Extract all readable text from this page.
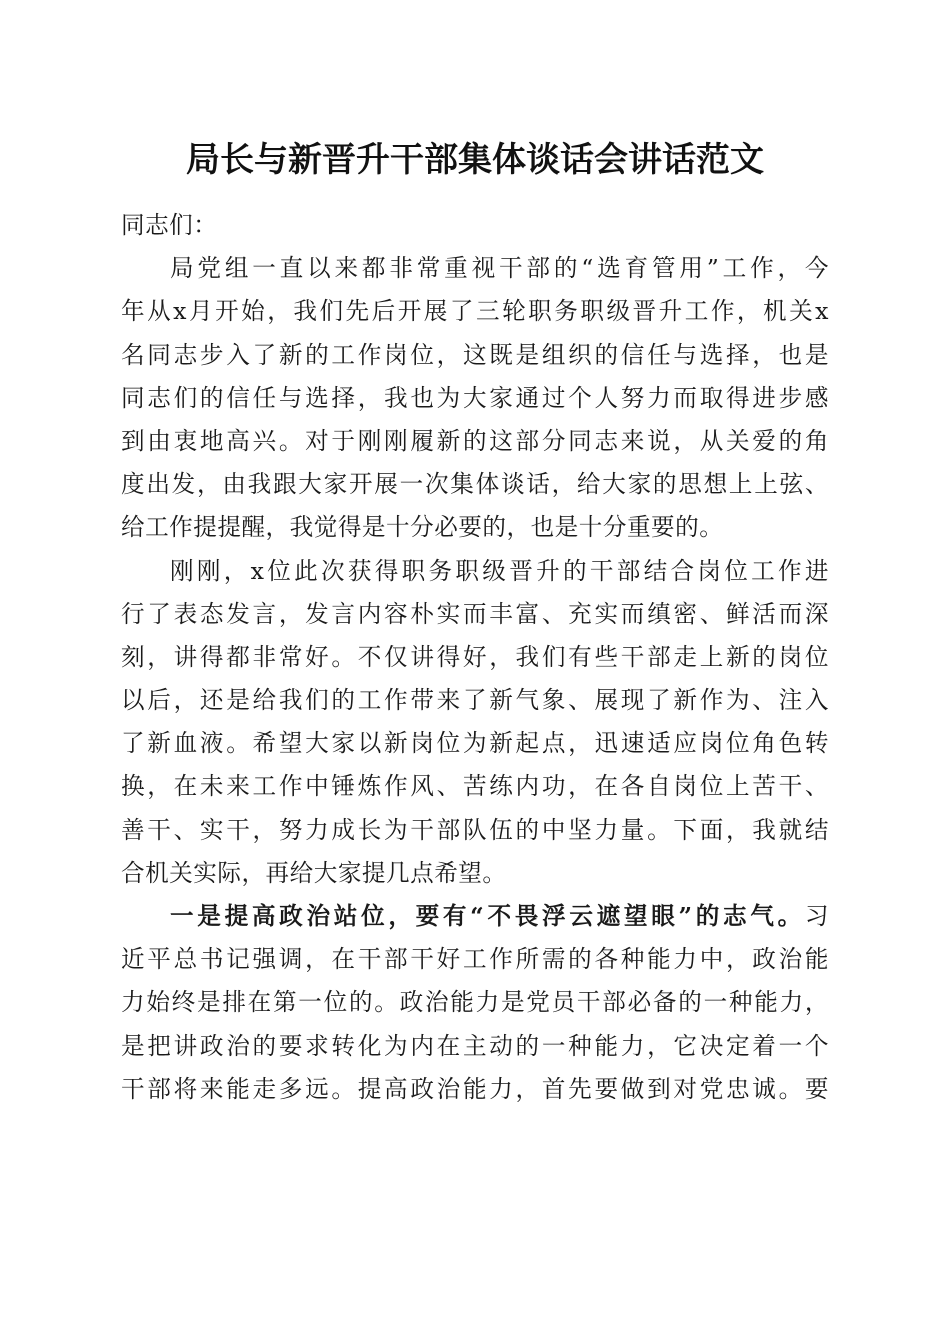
局长与新晋升干部集体谈话会讲话范文
同志们：
局党组一直以来都非常重视干部的“选育管用”工作，今
年从x月开始，我们先后开展了三轮职务职级晋升工作，机关x
名同志步入了新的工作岗位，这既是组织的信任与选择，也是
同志们的信任与选择，我也为大家通过个人努力而取得进步感
到由衷地高兴。对于刚刚履新的这部分同志来说，从关爱的角
度出发，由我跟大家开展一次集体谈话，给大家的思想上上弦、
给工作提提醒，我觉得是十分必要的，也是十分重要的。
刚刚，x位此次获得职务职级晋升的干部结合岗位工作进
行了表态发言，发言内容朴实而丰富、充实而缜密、鲜活而深
刻，讲得都非常好。不仅讲得好，我们有些干部走上新的岗位
以后，还是给我们的工作带来了新气象、展现了新作为、注入
了新血液。希望大家以新岗位为新起点，迅速适应岗位角色转
换，在未来工作中锤炼作风、苦练内功，在各自岗位上苦干、
善干、实干，努力成长为干部队伍的中坚力量。下面，我就结
合机关实际，再给大家提几点希望。
一是提高政治站位，要有“不畏浮云遮望眼”的志气。习
近平总书记强调，在干部干好工作所需的各种能力中，政治能
力始终是排在第一位的。政治能力是党员干部必备的一种能力，
是把讲政治的要求转化为内在主动的一种能力，它决定着一个
干部将来能走多远。提高政治能力，首先要做到对党忠诚。要
